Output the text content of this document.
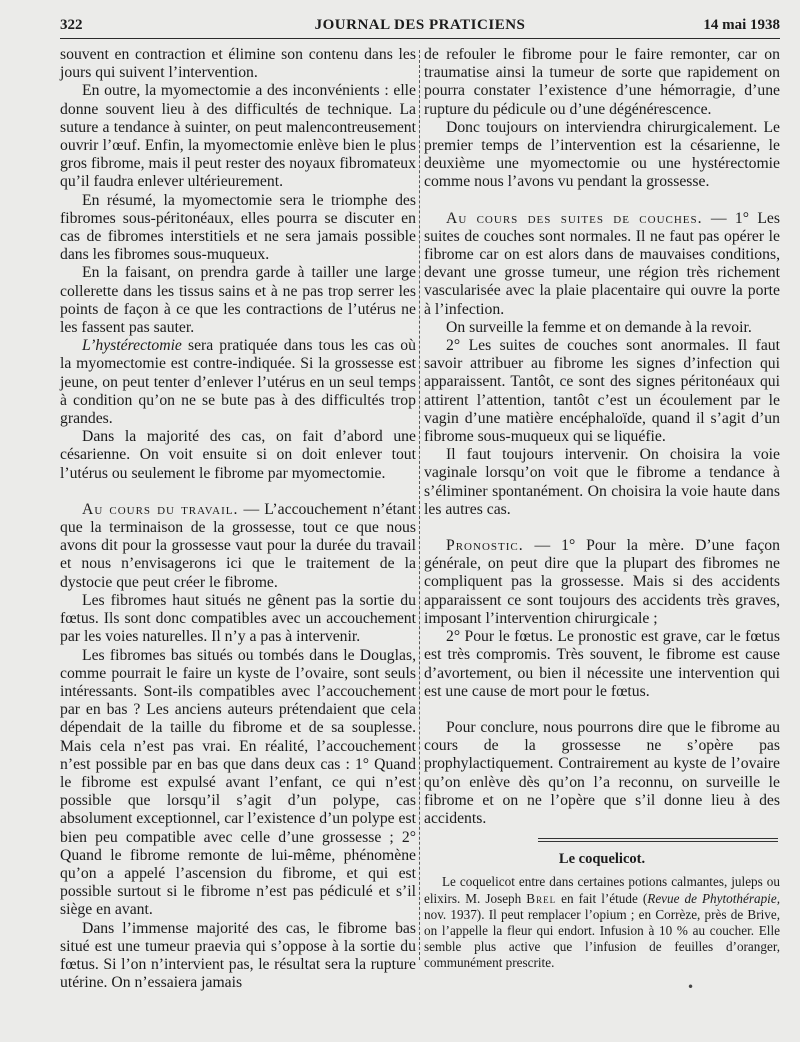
322	JOURNAL DES PRATICIENS	14 mai 1938

souvent en contraction et élimine son contenu dans les jours qui suivent l’intervention.

En outre, la myomectomie a des inconvénients : elle donne souvent lieu à des difficultés de technique. La suture a tendance à suinter, on peut malencontreusement ouvrir l’œuf. Enfin, la myomectomie enlève bien le plus gros fibrome, mais il peut rester des noyaux fibromateux qu’il faudra enlever ultérieurement.

En résumé, la myomectomie sera le triomphe des fibromes sous-péritonéaux, elles pourra se discuter en cas de fibromes interstitiels et ne sera jamais possible dans les fibromes sous-muqueux.

En la faisant, on prendra garde à tailler une large collerette dans les tissus sains et à ne pas trop serrer les points de façon à ce que les contractions de l’utérus ne les fassent pas sauter.

L’hystérectomie sera pratiquée dans tous les cas où la myomectomie est contre-indiquée. Si la grossesse est jeune, on peut tenter d’enlever l’utérus en un seul temps à condition qu’on ne se bute pas à des difficultés trop grandes.

Dans la majorité des cas, on fait d’abord une césarienne. On voit ensuite si on doit enlever tout l’utérus ou seulement le fibrome par myomectomie.

Au cours du travail. — L’accouchement n’étant que la terminaison de la grossesse, tout ce que nous avons dit pour la grossesse vaut pour la durée du travail et nous n’envisagerons ici que le traitement de la dystocie que peut créer le fibrome.

Les fibromes haut situés ne gênent pas la sortie du fœtus. Ils sont donc compatibles avec un accouchement par les voies naturelles. Il n’y a pas à intervenir.

Les fibromes bas situés ou tombés dans le Douglas, comme pourrait le faire un kyste de l’ovaire, sont seuls intéressants. Sont-ils compatibles avec l’accouchement par en bas ? Les anciens auteurs prétendaient que cela dépendait de la taille du fibrome et de sa souplesse. Mais cela n’est pas vrai. En réalité, l’accouchement n’est possible par en bas que dans deux cas : 1° Quand le fibrome est expulsé avant l’enfant, ce qui n’est possible que lorsqu’il s’agit d’un polype, cas absolument exceptionnel, car l’existence d’un polype est bien peu compatible avec celle d’une grossesse ; 2° Quand le fibrome remonte de lui-même, phénomène qu’on a appelé l’ascension du fibrome, et qui est possible surtout si le fibrome n’est pas pédiculé et s’il siège en avant.

Dans l’immense majorité des cas, le fibrome bas situé est une tumeur praevia qui s’oppose à la sortie du fœtus. Si l’on n’intervient pas, le résultat sera la rupture utérine. On n’essaiera jamais

de refouler le fibrome pour le faire remonter, car on traumatise ainsi la tumeur de sorte que rapidement on pourra constater l’existence d’une hémorragie, d’une rupture du pédicule ou d’une dégénérescence.

Donc toujours on interviendra chirurgicalement. Le premier temps de l’intervention est la césarienne, le deuxième une myomectomie ou une hystérectomie comme nous l’avons vu pendant la grossesse.

Au cours des suites de couches. — 1° Les suites de couches sont normales. Il ne faut pas opérer le fibrome car on est alors dans de mauvaises conditions, devant une grosse tumeur, une région très richement vascularisée avec la plaie placentaire qui ouvre la porte à l’infection.

On surveille la femme et on demande à la revoir.

2° Les suites de couches sont anormales. Il faut savoir attribuer au fibrome les signes d’infection qui apparaissent. Tantôt, ce sont des signes péritonéaux qui attirent l’attention, tantôt c’est un écoulement par le vagin d’une matière encéphaloïde, quand il s’agit d’un fibrome sous-muqueux qui se liquéfie.

Il faut toujours intervenir. On choisira la voie vaginale lorsqu’on voit que le fibrome a tendance à s’éliminer spontanément. On choisira la voie haute dans les autres cas.

Pronostic. — 1° Pour la mère. D’une façon générale, on peut dire que la plupart des fibromes ne compliquent pas la grossesse. Mais si des accidents apparaissent ce sont toujours des accidents très graves, imposant l’intervention chirurgicale ;

2° Pour le fœtus. Le pronostic est grave, car le fœtus est très compromis. Très souvent, le fibrome est cause d’avortement, ou bien il nécessite une intervention qui est une cause de mort pour le fœtus.

Pour conclure, nous pourrons dire que le fibrome au cours de la grossesse ne s’opère pas prophylactiquement. Contrairement au kyste de l’ovaire qu’on enlève dès qu’on l’a reconnu, on surveille le fibrome et on ne l’opère que s’il donne lieu à des accidents.

Le coquelicot.

Le coquelicot entre dans certaines potions calmantes, juleps ou elixirs. M. Joseph Brel en fait l’étude (Revue de Phytothérapie, nov. 1937). Il peut remplacer l’opium ; en Corrèze, près de Brive, on l’appelle la fleur qui endort. Infusion à 10 % au coucher. Elle semble plus active que l’infusion de feuilles d’oranger, communément prescrite.

•
